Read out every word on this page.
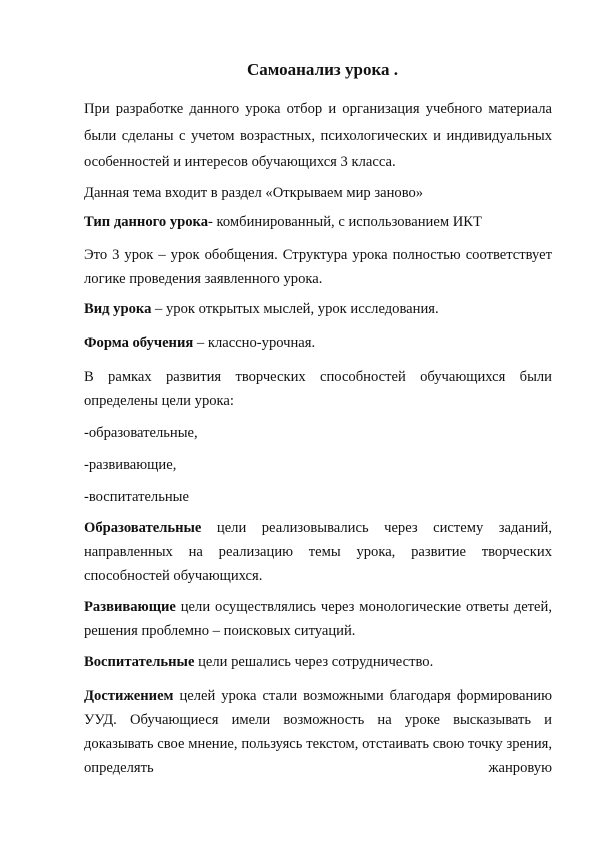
Самоанализ урока .

При разработке данного урока отбор и организация учебного материала были сделаны с учетом возрастных, психологических и индивидуальных особенностей и интересов обучающихся 3 класса.

Данная тема входит в раздел «Открываем мир заново»
Тип данного урока- комбинированный, с использованием ИКТ

Это 3 урок – урок обобщения. Структура урока полностью соответствует логике проведения заявленного урока.

Вид урока – урок открытых мыслей, урок исследования.
Форма обучения – классно-урочная.

В рамках развития творческих способностей обучающихся были определены цели урока:

-образовательные,
-развивающие,
-воспитательные

Образовательные цели реализовывались через систему заданий, направленных на реализацию темы урока, развитие творческих способностей обучающихся.

Развивающие цели осуществлялись через монологические ответы детей, решения проблемно – поисковых ситуаций.

Воспитательные цели решались через сотрудничество.

Достижением целей урока стали возможными благодаря формированию УУД. Обучающиеся имели возможность на уроке высказывать и доказывать свое мнение, пользуясь текстом, отстаивать свою точку зрения, определять жанровую
